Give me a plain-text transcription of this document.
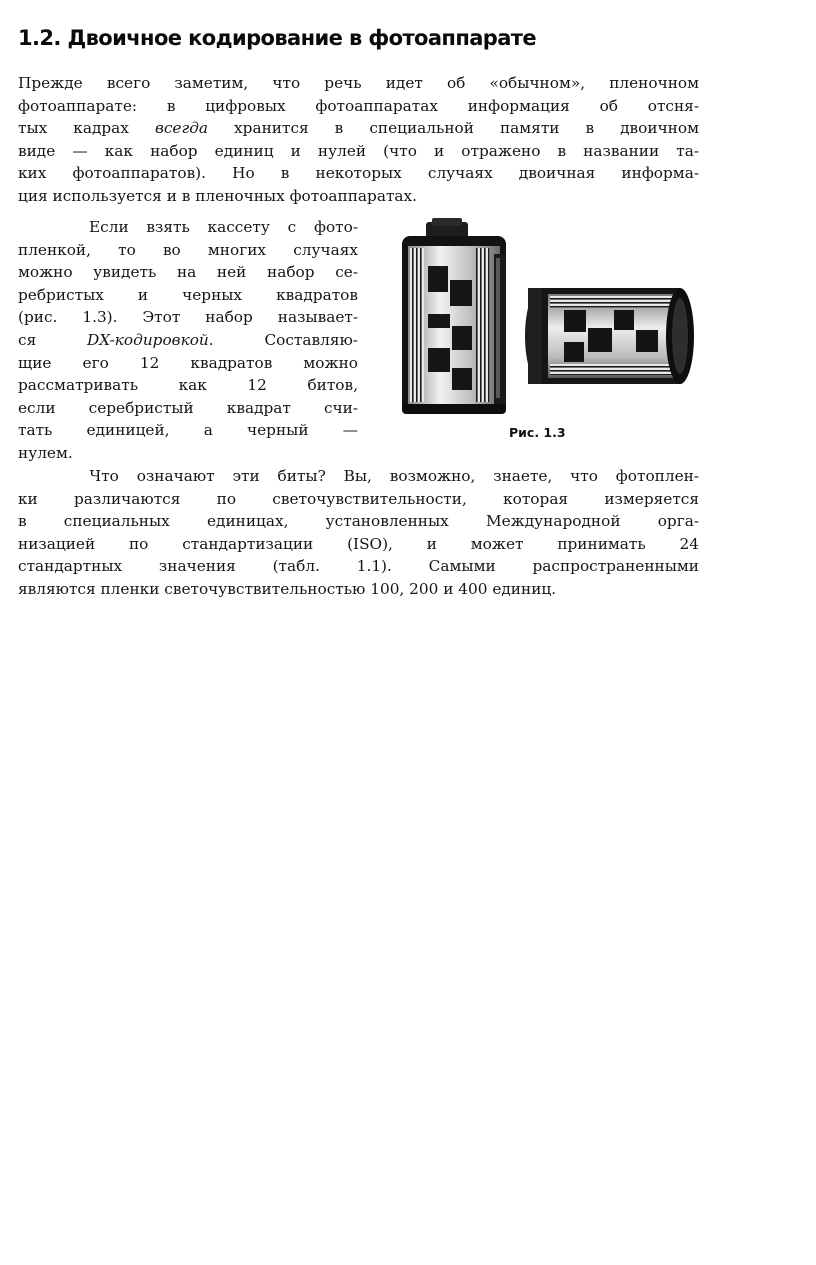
1.2. Двоичное кодирование в фотоаппарате
Прежде всего заметим, что речь идет об «обычном», пленочном
фотоаппарате: в цифровых фотоаппаратах информация об отсня-
тых кадрах всегда хранится в специальной памяти в двоичном
виде — как набор единиц и нулей (что и отражено в названии та-
ких фотоаппаратов). Но в некоторых случаях двоичная информа-
ция используется и в пленочных фотоаппаратах.
Если взять кассету с фото-
пленкой, то во многих случаях
можно увидеть на ней набор се-
ребристых и черных квадратов
(рис. 1.3). Этот набор называет-
ся DX-кодировкой. Составляю-
щие его 12 квадратов можно
рассматривать как 12 битов,
если серебристый квадрат счи-
тать единицей, а черный —
нулем.
Рис. 1.3
Что означают эти биты? Вы, возможно, знаете, что фотоплен-
ки различаются по светочувствительности, которая измеряется
в специальных единицах, установленных Международной орга-
низацией по стандартизации (ISO), и может принимать 24
стандартных значения (табл. 1.1). Самыми распространенными
являются пленки светочувствительностью 100, 200 и 400 единиц.
